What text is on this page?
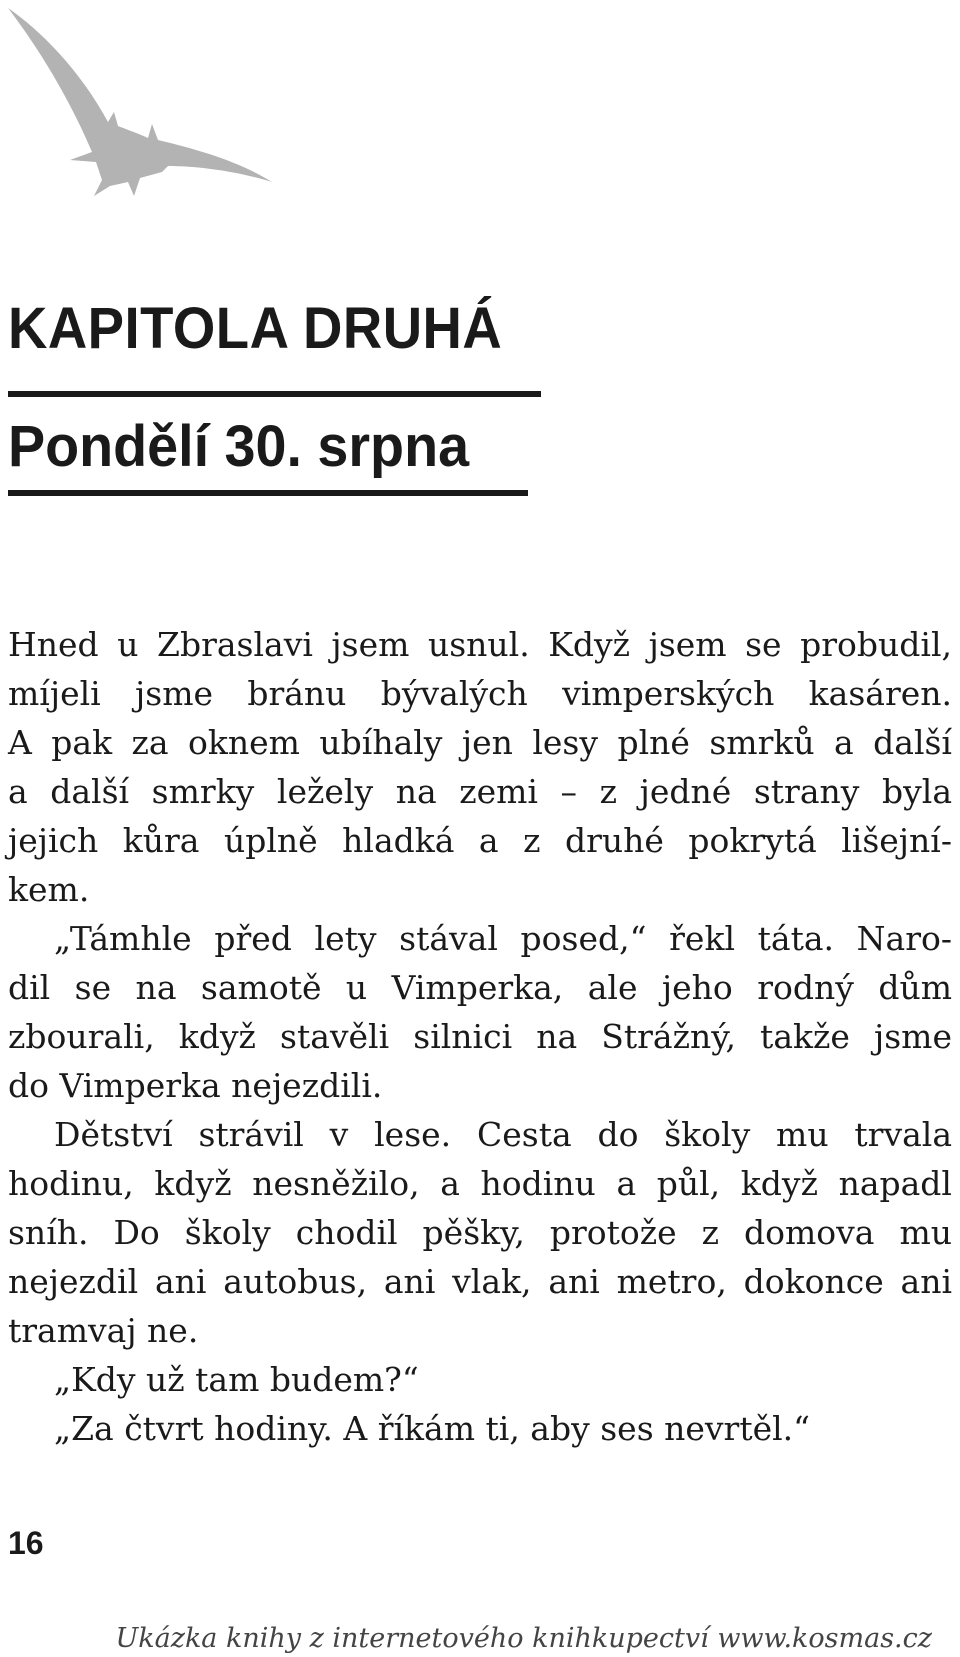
KAPITOLA DRUHÁ
Pondělí 30. srpna
Hned u Zbraslavi jsem usnul. Když jsem se probudil,
míjeli jsme bránu bývalých vimperských kasáren.
A pak za oknem ubíhaly jen lesy plné smrků a další
a další smrky ležely na zemi – z jedné strany byla
jejich kůra úplně hladká a z druhé pokrytá lišejní-
kem.
„Támhle před lety stával posed,“ řekl táta. Naro-
dil se na samotě u Vimperka, ale jeho rodný dům
zbourali, když stavěli silnici na Strážný, takže jsme
do Vimperka nejezdili.
Dětství strávil v lese. Cesta do školy mu trvala
hodinu, když nesněžilo, a hodinu a půl, když napadl
sníh. Do školy chodil pěšky, protože z domova mu
nejezdil ani autobus, ani vlak, ani metro, dokonce ani
tramvaj ne.
„Kdy už tam budem?“
„Za čtvrt hodiny. A říkám ti, aby ses nevrtěl.“
16
Ukázka knihy z internetového knihkupectví www.kosmas.cz
